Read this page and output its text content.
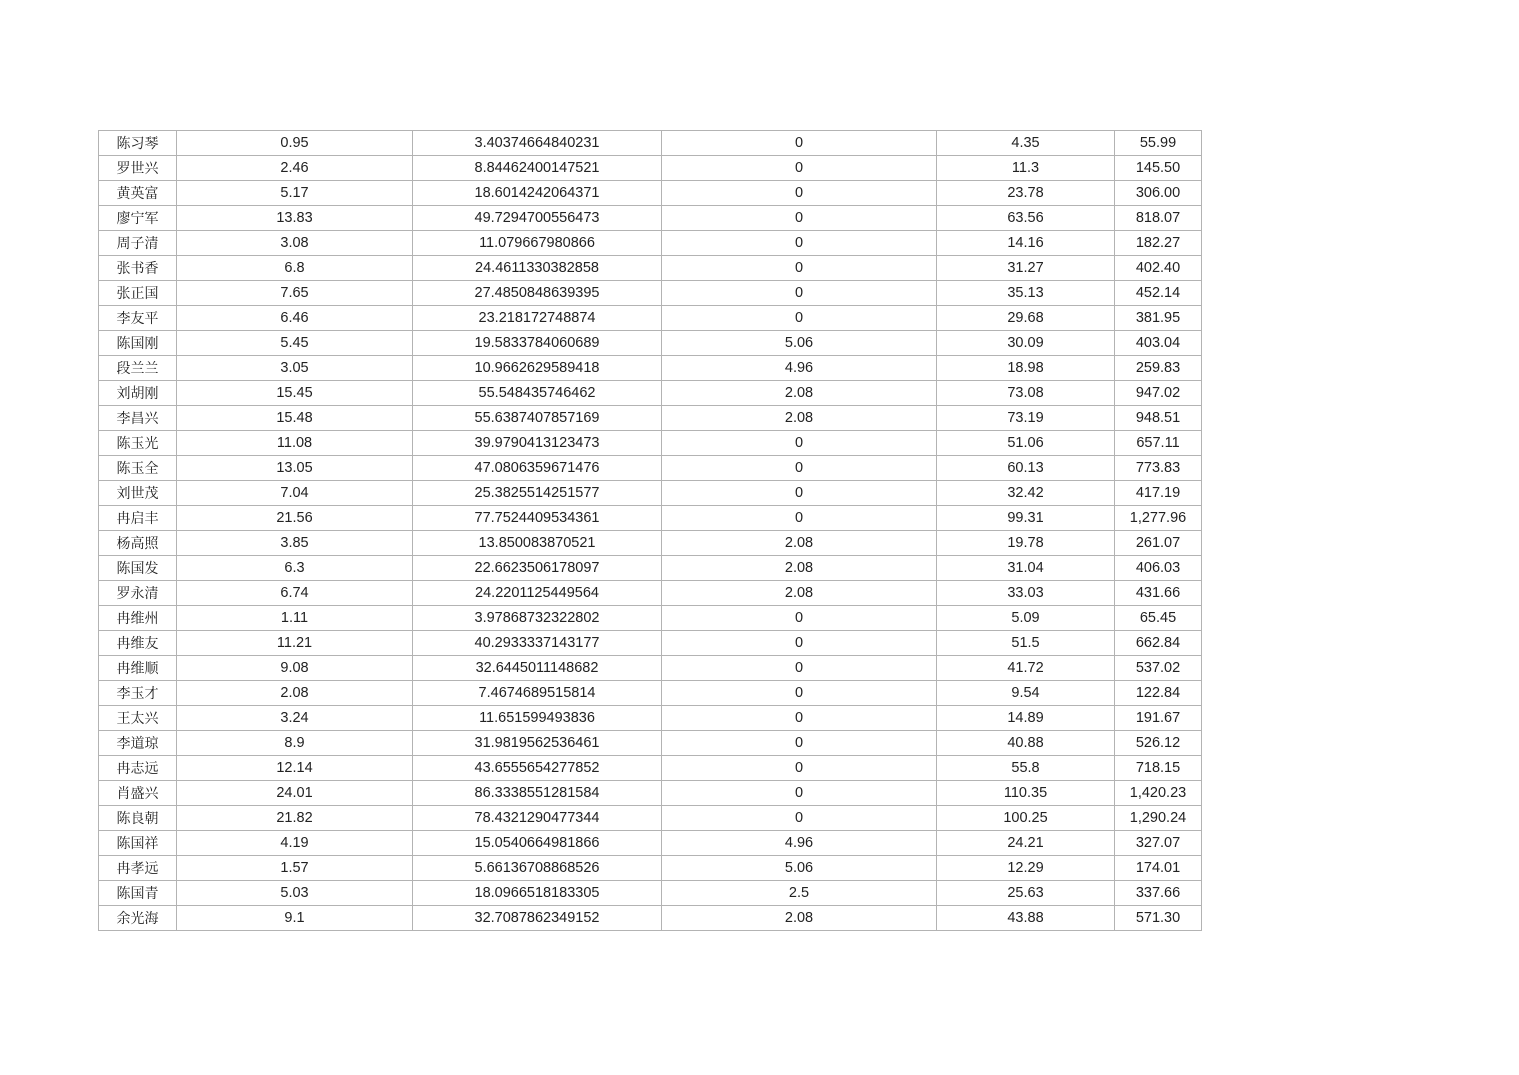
陈习琴	0.95	3.40374664840231	0	4.35	55.99
罗世兴	2.46	8.84462400147521	0	11.3	145.50
黄英富	5.17	18.6014242064371	0	23.78	306.00
廖宁军	13.83	49.7294700556473	0	63.56	818.07
周子清	3.08	11.079667980866	0	14.16	182.27
张书香	6.8	24.4611330382858	0	31.27	402.40
张正国	7.65	27.4850848639395	0	35.13	452.14
李友平	6.46	23.218172748874	0	29.68	381.95
陈国刚	5.45	19.5833784060689	5.06	30.09	403.04
段兰兰	3.05	10.9662629589418	4.96	18.98	259.83
刘胡刚	15.45	55.548435746462	2.08	73.08	947.02
李昌兴	15.48	55.6387407857169	2.08	73.19	948.51
陈玉光	11.08	39.9790413123473	0	51.06	657.11
陈玉全	13.05	47.0806359671476	0	60.13	773.83
刘世茂	7.04	25.3825514251577	0	32.42	417.19
冉启丰	21.56	77.7524409534361	0	99.31	1,277.96
杨高照	3.85	13.850083870521	2.08	19.78	261.07
陈国发	6.3	22.6623506178097	2.08	31.04	406.03
罗永清	6.74	24.2201125449564	2.08	33.03	431.66
冉维州	1.11	3.97868732322802	0	5.09	65.45
冉维友	11.21	40.2933337143177	0	51.5	662.84
冉维顺	9.08	32.6445011148682	0	41.72	537.02
李玉才	2.08	7.4674689515814	0	9.54	122.84
王太兴	3.24	11.651599493836	0	14.89	191.67
李道琼	8.9	31.9819562536461	0	40.88	526.12
冉志远	12.14	43.6555654277852	0	55.8	718.15
肖盛兴	24.01	86.3338551281584	0	110.35	1,420.23
陈良朝	21.82	78.4321290477344	0	100.25	1,290.24
陈国祥	4.19	15.0540664981866	4.96	24.21	327.07
冉孝远	1.57	5.66136708868526	5.06	12.29	174.01
陈国青	5.03	18.0966518183305	2.5	25.63	337.66
余光海	9.1	32.7087862349152	2.08	43.88	571.30
